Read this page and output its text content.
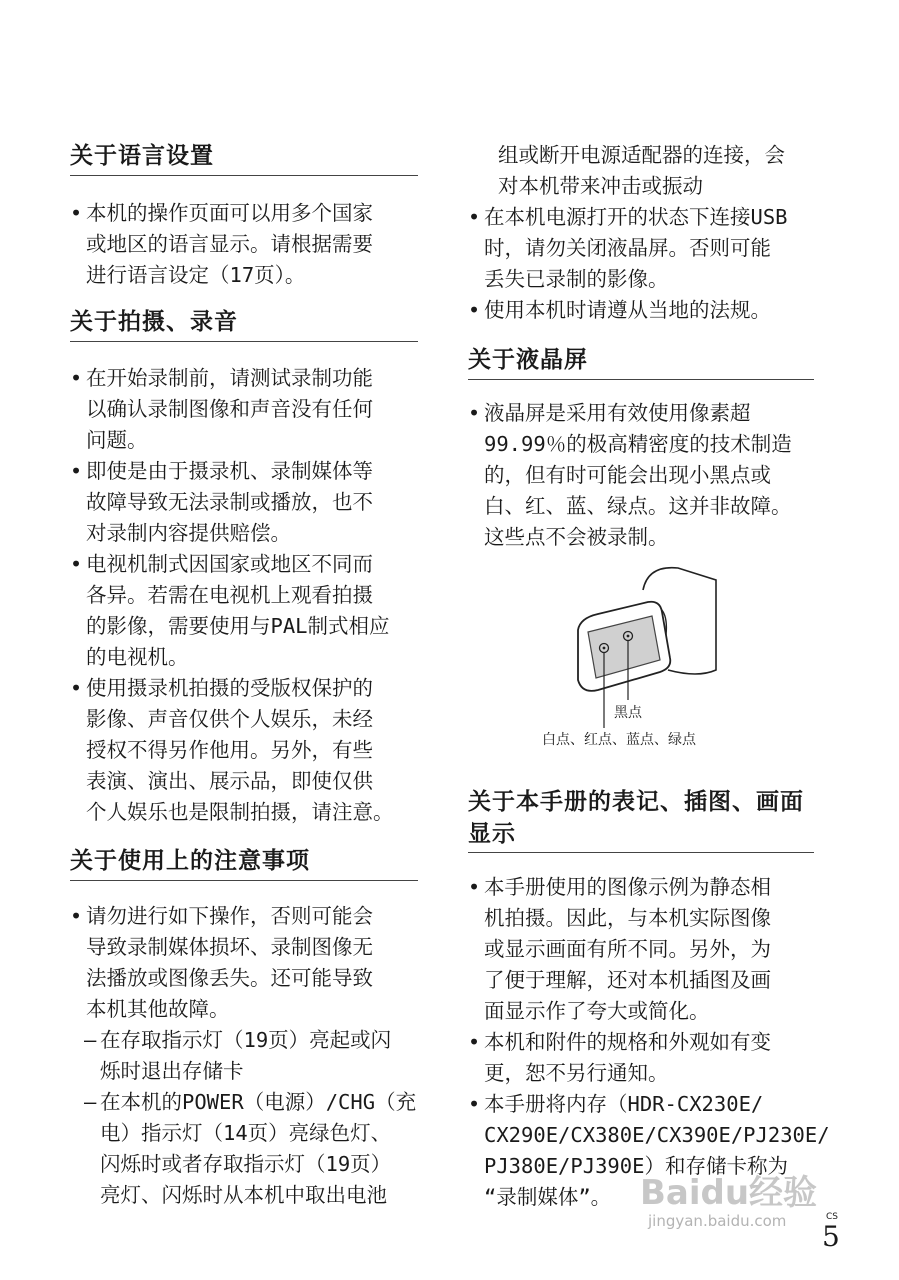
关于语言设置
• 本机的操作页面可以用多个国家
或地区的语言显示。请根据需要
进行语言设定（17页）。
关于拍摄、录音
• 在开始录制前，请测试录制功能
以确认录制图像和声音没有任何
问题。
• 即使是由于摄录机、录制媒体等
故障导致无法录制或播放，也不
对录制内容提供赔偿。
• 电视机制式因国家或地区不同而
各异。若需在电视机上观看拍摄
的影像，需要使用与PAL制式相应
的电视机。
• 使用摄录机拍摄的受版权保护的
影像、声音仅供个人娱乐，未经
授权不得另作他用。另外，有些
表演、演出、展示品，即使仅供
个人娱乐也是限制拍摄，请注意。
关于使用上的注意事项
• 请勿进行如下操作，否则可能会
导致录制媒体损坏、录制图像无
法播放或图像丢失。还可能导致
本机其他故障。
– 在存取指示灯（19页）亮起或闪
烁时退出存储卡
– 在本机的POWER（电源）/CHG（充
电）指示灯（14页）亮绿色灯、
闪烁时或者存取指示灯（19页）
亮灯、闪烁时从本机中取出电池
组或断开电源适配器的连接，会
对本机带来冲击或振动
• 在本机电源打开的状态下连接USB
时，请勿关闭液晶屏。否则可能
丢失已录制的影像。
• 使用本机时请遵从当地的法规。
关于液晶屏
• 液晶屏是采用有效使用像素超
99.99％的极高精密度的技术制造
的，但有时可能会出现小黑点或
白、红、蓝、绿点。这并非故障。
这些点不会被录制。
关于本手册的表记、插图、画面显示
• 本手册使用的图像示例为静态相
机拍摄。因此，与本机实际图像
或显示画面有所不同。另外，为
了便于理解，还对本机插图及画
面显示作了夸大或简化。
• 本机和附件的规格和外观如有变
更，恕不另行通知。
• 本手册将内存（HDR-CX230E/
CX290E/CX380E/CX390E/PJ230E/
PJ380E/PJ390E）和存储卡称为
“录制媒体”。
黑点
白点、红点、蓝点、绿点
Baidu经验
jingyan.baidu.com	CS
5
